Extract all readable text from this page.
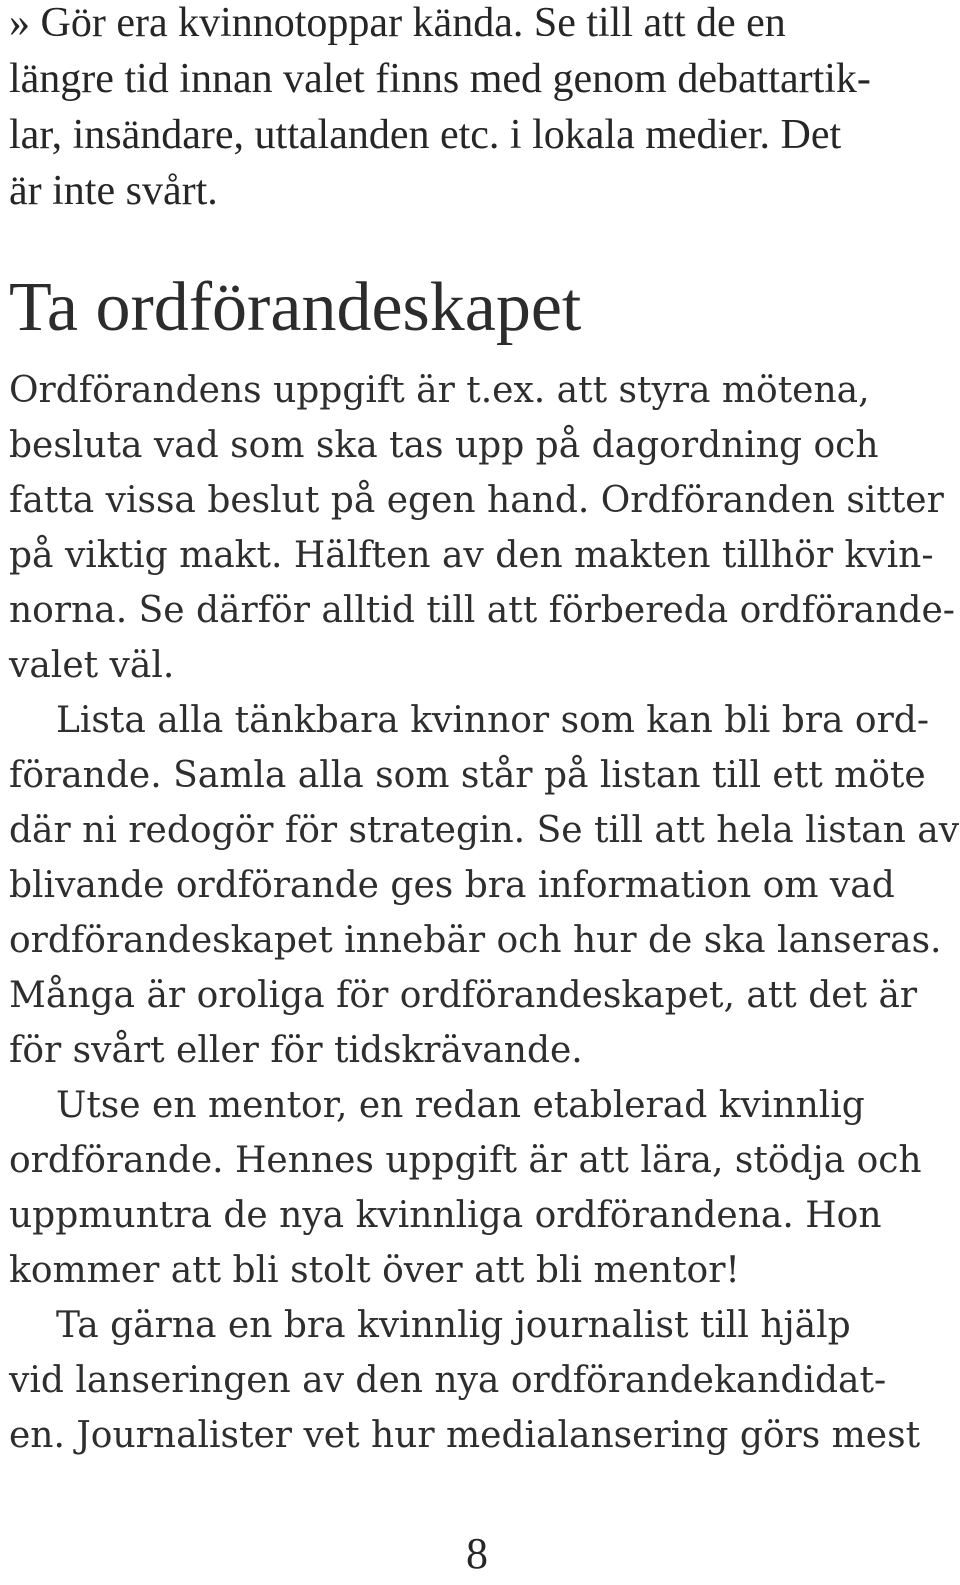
» Gör era kvinnotoppar kända. Se till att de en
längre tid innan valet finns med genom debattartik-
lar, insändare, uttalanden etc. i lokala medier. Det
är inte svårt.
Ta ordförandeskapet
Ordförandens uppgift är t.ex. att styra mötena,
besluta vad som ska tas upp på dagordning och
fatta vissa beslut på egen hand. Ordföranden sitter
på viktig makt. Hälften av den makten tillhör kvin-
norna. Se därför alltid till att förbereda ordförande-
valet väl.
Lista alla tänkbara kvinnor som kan bli bra ord-
förande. Samla alla som står på listan till ett möte
där ni redogör för strategin. Se till att hela listan av
blivande ordförande ges bra information om vad
ordförandeskapet innebär och hur de ska lanseras.
Många är oroliga för ordförandeskapet, att det är
för svårt eller för tidskrävande.
Utse en mentor, en redan etablerad kvinnlig
ordförande. Hennes uppgift är att lära, stödja och
uppmuntra de nya kvinnliga ordförandena. Hon
kommer att bli stolt över att bli mentor!
Ta gärna en bra kvinnlig journalist till hjälp
vid lanseringen av den nya ordförandekandidat-
en. Journalister vet hur medialansering görs mest
8
